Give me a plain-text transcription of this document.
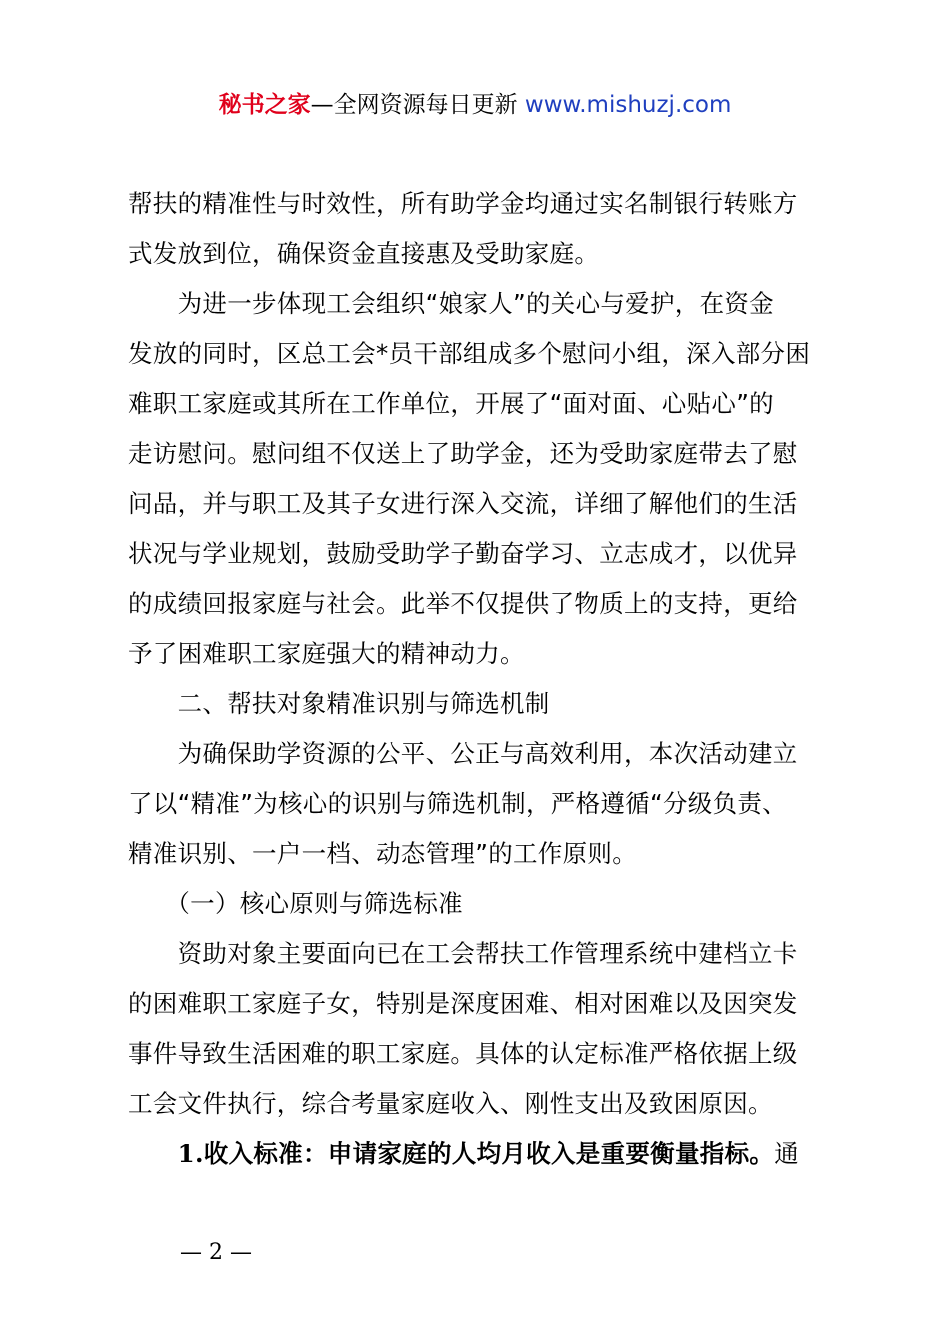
秘书之家—全网资源每日更新 www.mishuzj.com
帮扶的精准性与时效性，所有助学金均通过实名制银行转账方
式发放到位，确保资金直接惠及受助家庭。
　　为进一步体现工会组织“娘家人”的关心与爱护，在资金
发放的同时，区总工会*员干部组成多个慰问小组，深入部分困
难职工家庭或其所在工作单位，开展了“面对面、心贴心”的
走访慰问。慰问组不仅送上了助学金，还为受助家庭带去了慰
问品，并与职工及其子女进行深入交流，详细了解他们的生活
状况与学业规划，鼓励受助学子勤奋学习、立志成才，以优异
的成绩回报家庭与社会。此举不仅提供了物质上的支持，更给
予了困难职工家庭强大的精神动力。
　　二、帮扶对象精准识别与筛选机制
　　为确保助学资源的公平、公正与高效利用，本次活动建立
了以“精准”为核心的识别与筛选机制，严格遵循“分级负责、
精准识别、一户一档、动态管理”的工作原则。
　　（一）核心原则与筛选标准
　　资助对象主要面向已在工会帮扶工作管理系统中建档立卡
的困难职工家庭子女，特别是深度困难、相对困难以及因突发
事件导致生活困难的职工家庭。具体的认定标准严格依据上级
工会文件执行，综合考量家庭收入、刚性支出及致困原因。
　　1.收入标准：申请家庭的人均月收入是重要衡量指标。通
— 2 —
